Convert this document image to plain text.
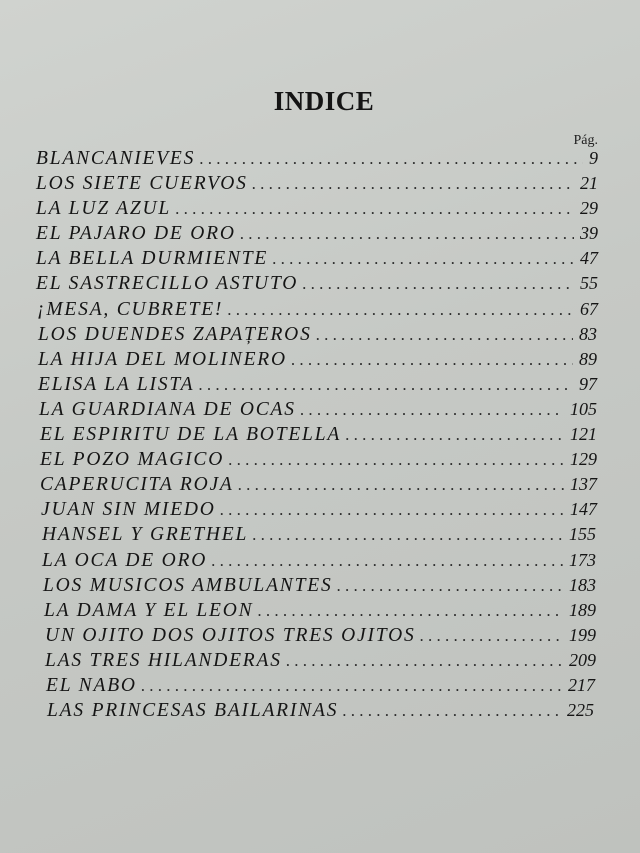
INDICE
Pág.
BLANCANIEVES . . .	9
LOS SIETE CUERVOS . . .	21
LA LUZ AZUL . . .	29
EL PAJARO DE ORO . . .	39
LA BELLA DURMIENTE . . .	47
EL SASTRECILLO ASTUTO . . .	55
¡MESA, CUBRETE! . . .	67
LOS DUENDES ZAPAȚEROS . . .	83
LA HIJA DEL MOLINERO . . .	89
ELISA LA LISTA . . .	97
LA GUARDIANA DE OCAS . . .	105
EL ESPIRITU DE LA BOTELLA . . .	121
EL POZO MAGICO . . .	129
CAPERUCITA ROJA . . .	137
JUAN SIN MIEDO . . .	147
HANSEL Y GRETHEL . . .	155
LA OCA DE ORO . . .	173
LOS MUSICOS AMBULANTES . . .	183
LA DAMA Y EL LEON . . .	189
UN OJITO DOS OJITOS TRES OJITOS . . .	199
LAS TRES HILANDERAS . . .	209
EL NABO . . .	217
LAS PRINCESAS BAILARINAS . . .	225
